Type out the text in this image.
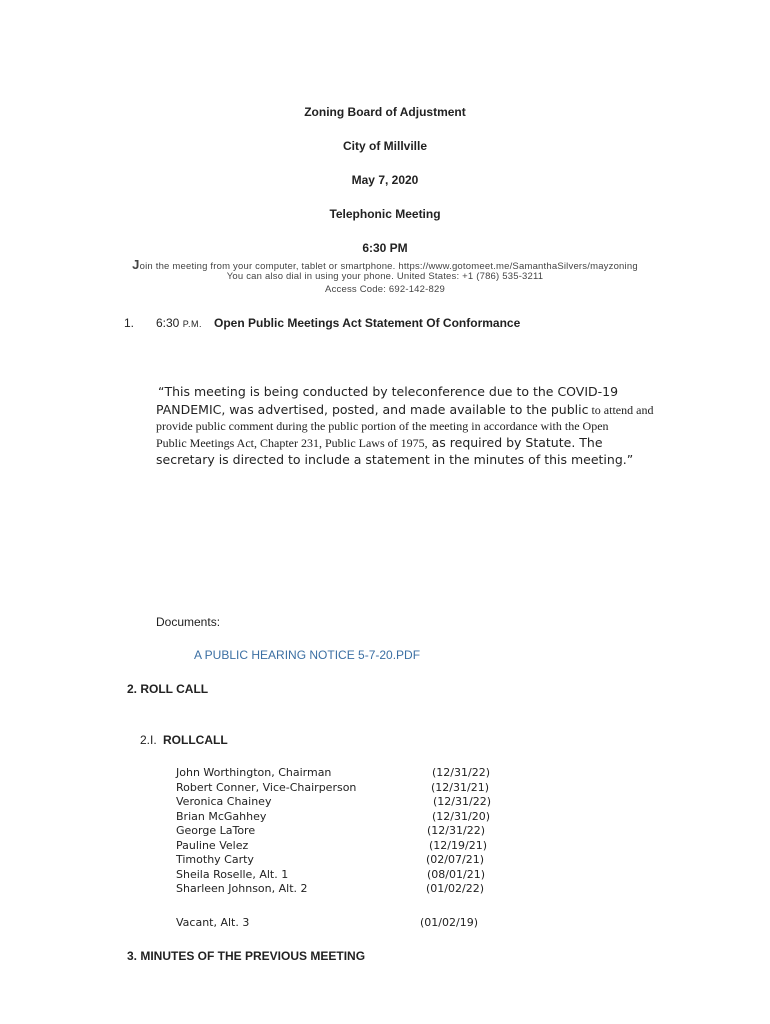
Zoning Board of Adjustment
City of Millville
May 7, 2020
Telephonic Meeting
6:30 PM
Join the meeting from your computer, tablet or smartphone. https://www.gotomeet.me/SamanthaSilvers/mayzoning
You can also dial in using your phone. United States: +1 (786) 535-3211
Access Code: 692-142-829
1. 6:30 P.M. Open Public Meetings Act Statement Of Conformance
“This meeting is being conducted by teleconference due to the COVID-19
PANDEMIC, was advertised, posted, and made available to the public to attend and
provide public comment during the public portion of the meeting in accordance with the Open
Public Meetings Act, Chapter 231, Public Laws of 1975, as required by Statute. The
secretary is directed to include a statement in the minutes of this meeting.”
Documents:
A PUBLIC HEARING NOTICE 5-7-20.PDF
2. ROLL CALL
2.I. ROLLCALL
John Worthington, Chairman	(12/31/22)
Robert Conner, Vice-Chairperson	(12/31/21)
Veronica Chainey	(12/31/22)
Brian McGahhey	(12/31/20)
George LaTore	(12/31/22)
Pauline Velez	(12/19/21)
Timothy Carty	(02/07/21)
Sheila Roselle, Alt. 1	(08/01/21)
Sharleen Johnson, Alt. 2	(01/02/22)
Vacant, Alt. 3	(01/02/19)
3. MINUTES OF THE PREVIOUS MEETING
